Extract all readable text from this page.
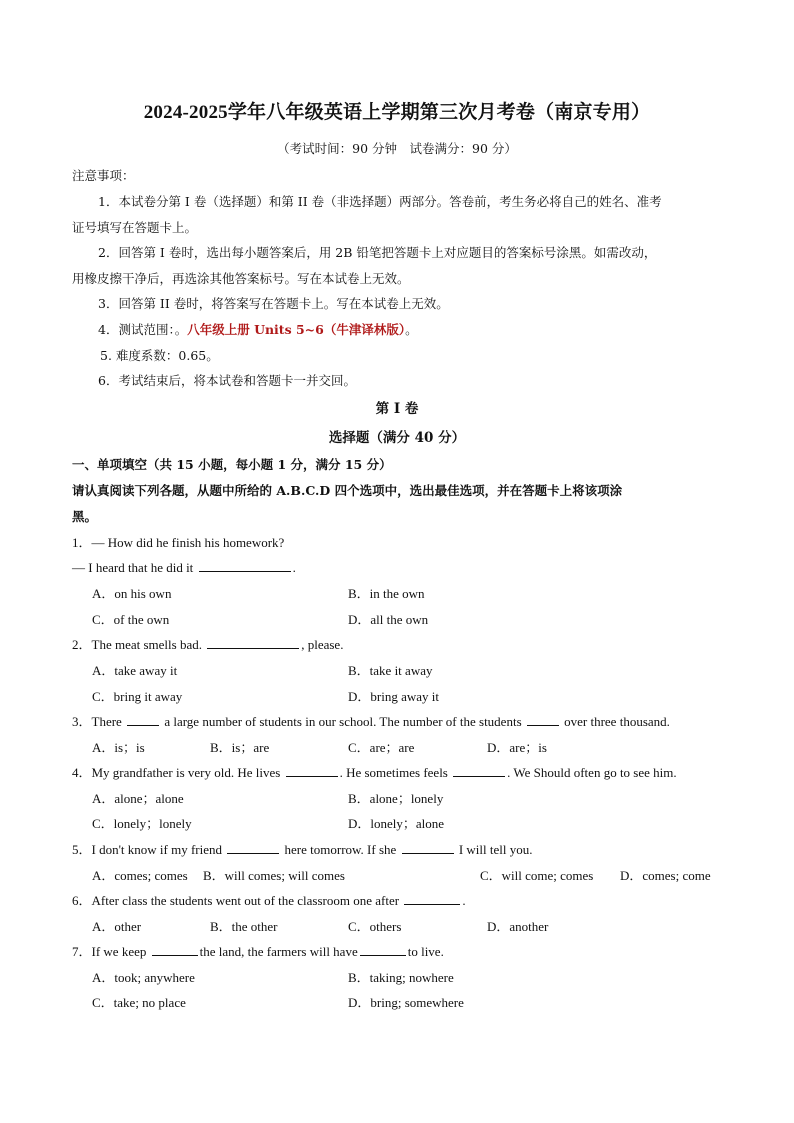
2024-2025学年八年级英语上学期第三次月考卷（南京专用）
（考试时间：90 分钟　试卷满分：90 分）
注意事项：
1．本试卷分第 I 卷（选择题）和第 II 卷（非选择题）两部分。答卷前，考生务必将自己的姓名、准考
证号填写在答题卡上。
2．回答第 I 卷时，选出每小题答案后，用 2B 铅笔把答题卡上对应题目的答案标号涂黑。如需改动，
用橡皮擦干净后，再选涂其他答案标号。写在本试卷上无效。
3．回答第 II 卷时，将答案写在答题卡上。写在本试卷上无效。
4．测试范围：。八年级上册 Units 5~6（牛津译林版）。
5. 难度系数：0.65。
6．考试结束后，将本试卷和答题卡一并交回。
第 I 卷
选择题（满分 40 分）
一、单项填空（共 15 小题，每小题 1 分，满分 15 分）
请认真阅读下列各题，从题中所给的 A.B.C.D 四个选项中，选出最佳选项，并在答题卡上将该项涂
黑。
1．— How did he finish his homework?
— I heard that he did it	.
A．on his own	B．in the own
C．of the own	D．all the own
2．The meat smells bad.	, please.
A．take away it	B．take it away
C．bring it away	D．bring away it
3．There	a large number of students in our school. The number of the students	over three thousand.
A．is；is	B．is；are	C．are；are	D．are；is
4．My grandfather is very old. He lives	. He sometimes feels	. We Should often go to see him.
A．alone；alone	B．alone；lonely
C．lonely；lonely	D．lonely；alone
5．I don't know if my friend	here tomorrow. If she	I will tell you.
A．comes; comes B．will comes; will comes	C．will come; comes D．comes; come
6．After class the students went out of the classroom one after	.
A．other	B．the other	C．others	D．another
7．If we keep	the land, the farmers will have	to live.
A．took; anywhere	B．taking; nowhere
C．take; no place	D．bring; somewhere
